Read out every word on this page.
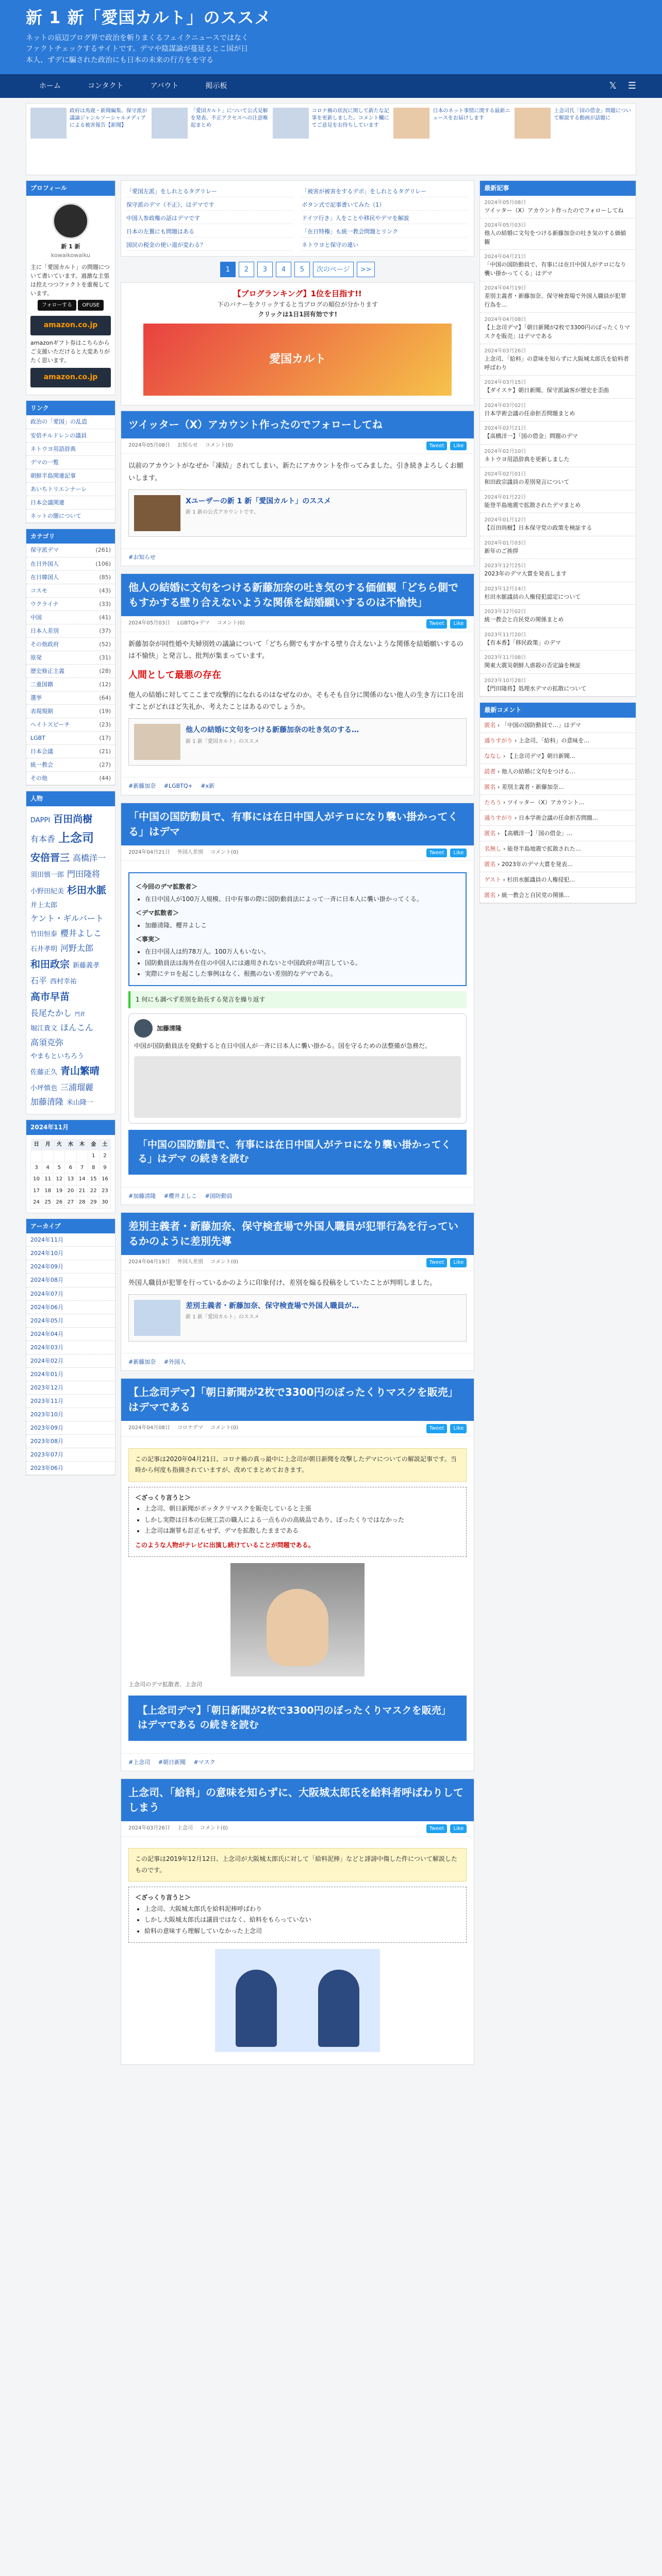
新 1 新「愛国カルト」のススメ
ネットの底辺ブログ界で政治を斬りまくるフェイクニュースではなくファクトチェックするサイトです。デマや陰謀論が蔓延るとこ国が日本人、ずデに騙された政治にも日本の未来の行方をを守る
ホーム	コンタクト	アバウト	掲示板	𝕏 ☰
政府は馬鹿・新聞編集、保守派が議論ジャンルソーシャルメディアによる被害報告【新聞】
「愛国カルト」について公式見解を発表、不正アクセスへの注意喚起まとめ
コロナ禍の状況に関して新たな記事を更新しました。コメント欄にてご意見をお待ちしています
日本のネット事情に関する最新ニュースをお届けします
上念司氏「国の借金」問題について解説する動画が話題に
プロフィール
新 1 新
kowaikowaiku
主に「愛国カルト」の問題について書いています。過激な主張は控えつつファクトを重視しています。
フォローする OFUSE
amazon.co.jp
amazonギフト券はこちらからご支援いただけると大変ありがたく思います。
amazon.co.jp
リンク
政治の「愛国」の乱造
安倍チルドレンの議員
ネトウヨ用語辞典
デマの一覧
朝鮮半島関連記事
あいちトリエンナーレ
日本会議関連
ネットの闇について
カテゴリ
保守派デマ	(261)
在日外国人	(106)
在日韓国人	(85)
コスモ	(43)
ウクライナ	(33)
中国	(41)
日本人差別	(37)
その他政府	(52)
原発	(31)
歴史修正主義	(28)
二重国籍	(12)
選挙	(64)
表現規制	(19)
ヘイトスピーチ	(23)
LGBT	(17)
日本会議	(21)
統一教会	(27)
その他	(44)
人物
DAPPI 百田尚樹有本香 上念司安倍晋三 高橋洋一須田慎一郎 門田隆将小野田紀美 杉田水脈井上太郎ケント・ギルバート竹田恒泰 櫻井よしこ石井孝明 河野太郎和田政宗 新藤義孝石平 西村幸祐高市早苗長尾たかし 門倉堀江貴文 ほんこん高須克弥やまもといちろう佐藤正久 青山繁晴小坪慎也 三浦瑠麗加藤清隆 米山隆一
2024年11月
日	月	火	水	木	金	土
					1	2
3	4	5	6	7	8	9
10	11	12	13	14	15	16
17	18	19	20	21	22	23
24	25	26	27	28	29	30
アーカイブ
2024年11月
2024年10月
2024年09月
2024年08月
2024年07月
2024年06月
2024年05月
2024年04月
2024年03月
2024年02月
2024年01月
2023年12月
2023年11月
2023年10月
2023年09月
2023年08月
2023年07月
2023年06月
「愛国左派」をしれとるタグリレー	「被害が被害をするデボ」をしれとるタグリレー
保守派のデマ（不正）、はデマです	ボタン式で記事書いてみた（1）
中国人参政権の話はデマです	ドイツ行き」人をことや移民やデマを解説
日本の左翼にも問題はある	「在日特権」も統一教会問題とリンク
国民の税金の使い道が変わる？	ネトウヨと保守の違い
1	2	3	4	5	次のページ	>>
【ブログランキング】1位を目指す!!
下のバナーをクリックすると当ブログの順位が分かります
クリックは1日1回有効です!
愛国カルト
ツイッター（X）アカウント作ったのでフォローしてね
2024年05月08日 お知らせ コメント(0)	Tweet	Like

以前のアカウントがなぜか「凍結」されてしまい、新たにアカウントを作ってみました。引き続きよろしくお願いします。

Xユーザーの新 1 新「愛国カルト」のススメ
新 1 新の公式アカウントです。
#お知らせ
他人の結婚に文句をつける新藤加奈の吐き気のする価値観「どちら側でもすかする壁り合えないような関係を結婚願いするのは不愉快」
2024年05月03日 LGBTQ+デマ コメント(0)	Tweet	Like

新藤加奈が同性婚や夫婦別姓の議論について「どちら側でもすかする壁り合えないような関係を結婚願いするのは不愉快」と発言し、批判が集まっています。

人間として最悪の存在

他人の結婚に対してここまで攻撃的になれるのはなぜなのか。そもそも自分に関係のない他人の生き方に口を出すことがどれほど失礼か、考えたことはあるのでしょうか。

他人の結婚に文句をつける新藤加奈の吐き気のする…
新 1 新「愛国カルト」のススメ
#新藤加奈 #LGBTQ+ #x新
「中国の国防動員で、有事には在日中国人がテロになり襲い掛かってくる」はデマ
2024年04月21日 外国人差別 コメント(0)	Tweet	Like
＜今回のデマ拡散者＞
• 在日中国人が100万人規模、日中有事の際に国防動員法によって一斉に日本人に襲い掛かってくる。
＜デマ拡散者＞
• 加藤清隆、櫻井よしこ
＜事実＞
• 在日中国人は約78万人。100万人もいない。
• 国防動員法は海外在住の中国人には適用されないと中国政府が明言している。
• 実際にテロを起こした事例はなく、根拠のない差別的なデマである。
1 何にも調べず差別を助長する発言を繰り返す
加藤清隆
中国が国防動員法を発動すると在日中国人が一斉に日本人に襲い掛かる。国を守るための法整備が急務だ。
「中国の国防動員で、有事には在日中国人がテロになり襲い掛かってくる」はデマ の続きを読む
#加藤清隆 #櫻井よしこ #国防動員
差別主義者・新藤加奈、保守検査場で外国人職員が犯罪行為を行っているかのように差別先導
2024年04月19日 外国人差別 コメント(0)	Tweet	Like

外国人職員が犯罪を行っているかのように印象付け、差別を煽る投稿をしていたことが判明しました。

差別主義者・新藤加奈、保守検査場で外国人職員が…
新 1 新「愛国カルト」のススメ
#新藤加奈 #外国人
【上念司デマ】「朝日新聞が2枚で3300円のぼったくりマスクを販売」はデマである
2024年04月08日 コロナデマ コメント(0)	Tweet	Like
この記事は2020年04月21日、コロナ禍の真っ最中に上念司が朝日新聞を攻撃したデマについての解説記事です。当時から何度も指摘されていますが、改めてまとめておきます。
＜ざっくり言うと＞
• 上念司、朝日新聞がボッタクリマスクを販売していると主張
• しかし実際は日本の伝統工芸の職人による一点ものの高級品であり、ぼったくりではなかった
• 上念司は謝罪も訂正もせず、デマを拡散したままである
このような人物がテレビに出演し続けていることが問題である。
上念司のデマ拡散者、上念司
【上念司デマ】「朝日新聞が2枚で3300円のぼったくりマスクを販売」はデマである の続きを読む
#上念司 #朝日新聞 #マスク
上念司、「給料」の意味を知らずに、大阪城太郎氏を給料者呼ばわりしてしまう
2024年03月26日 上念司 コメント(0)	Tweet	Like
この記事は2019年12月12日、上念司が大阪城太郎氏に対して「給料泥棒」などと誹謗中傷した件について解説したものです。
＜ざっくり言うと＞
• 上念司、大阪城太郎氏を給料泥棒呼ばわり
• しかし大阪城太郎氏は議員ではなく、給料をもらっていない
• 給料の意味すら理解していなかった上念司
最新記事
2024年05月08日
ツイッター（X）アカウント作ったのでフォローしてね
2024年05月03日
他人の結婚に文句をつける新藤加奈の吐き気のする価値観
2024年04月21日
「中国の国防動員で、有事には在日中国人がテロになり襲い掛かってくる」はデマ
2024年04月19日
差別主義者・新藤加奈、保守検査場で外国人職員が犯罪行為を…
2024年04月08日
【上念司デマ】「朝日新聞が2枚で3300円のぼったくりマスクを販売」はデマである
2024年03月26日
上念司、「給料」の意味を知らずに大阪城太郎氏を給料者呼ばわり
2024年03月15日
【ダイスケ】朝日新聞、保守派論客が歴史を歪曲
2024年03月02日
日本学術会議の任命拒否問題まとめ
2024年02月21日
【高橋洋一】「国の借金」問題のデマ
2024年02月10日
ネトウヨ用語辞典を更新しました
2024年02月01日
和田政宗議員の差別発言について
2024年01月22日
能登半島地震で拡散されたデマまとめ
2024年01月12日
【百田尚樹】日本保守党の政策を検証する
2024年01月03日
新年のご挨拶
2023年12月25日
2023年のデマ大賞を発表します
2023年12月14日
杉田水脈議員の人権侵犯認定について
2023年12月02日
統一教会と自民党の関係まとめ
2023年11月20日
【有本香】「移民政策」のデマ
2023年11月08日
関東大震災朝鮮人虐殺の否定論を検証
2023年10月28日
【門田隆将】処理水デマの拡散について
最新コメント
匿名 › 「中国の国防動員で…」はデマ
通りすがり › 上念司、「給料」の意味を…
ななし › 【上念司デマ】朝日新聞…
読者 › 他人の結婚に文句をつける…
匿名 › 差別主義者・新藤加奈…
たろう › ツイッター（X）アカウント…
通りすがり › 日本学術会議の任命拒否問題…
匿名 › 【高橋洋一】「国の借金」…
名無し › 能登半島地震で拡散された…
匿名 › 2023年のデマ大賞を発表…
ゲスト › 杉田水脈議員の人権侵犯…
匿名 › 統一教会と自民党の関係…
